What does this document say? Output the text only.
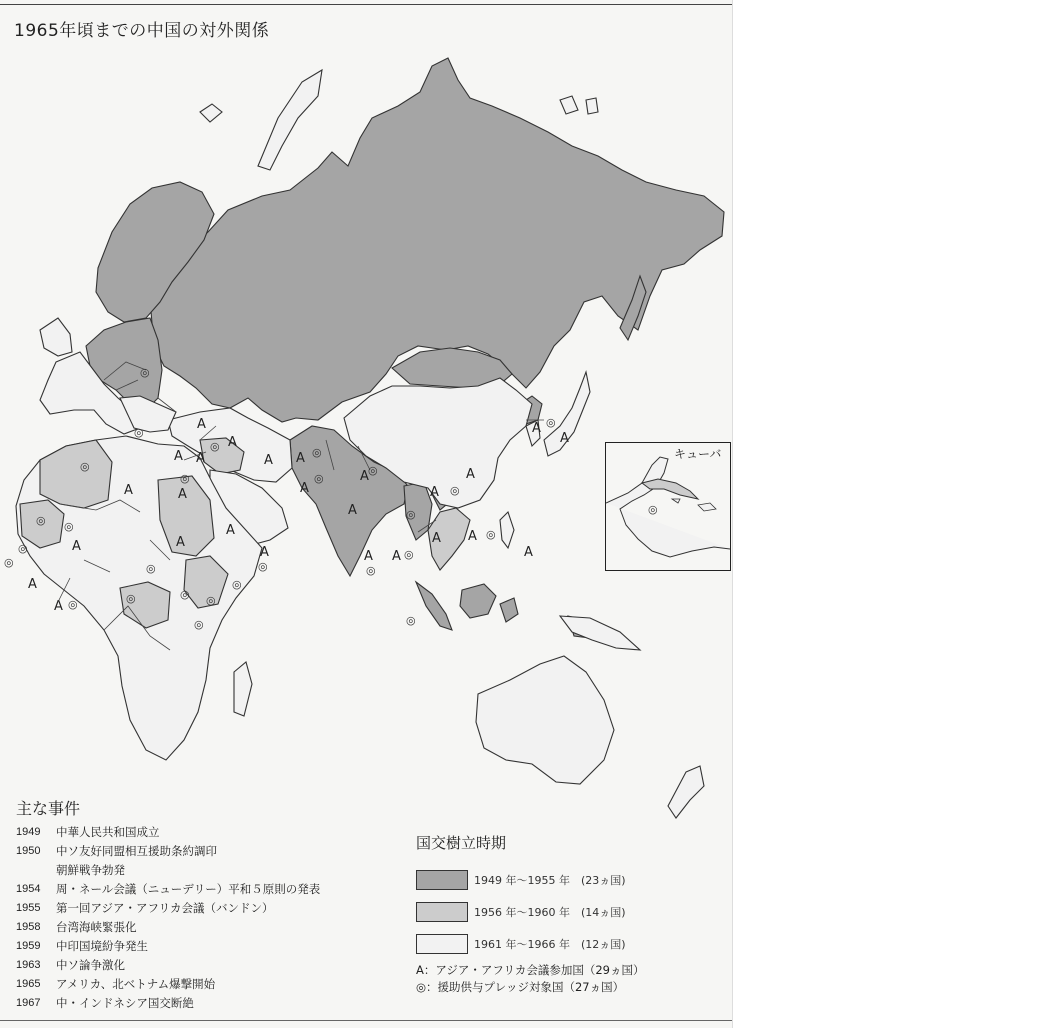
1965年頃までの中国の対外関係
A
A
A
A	A
A	A
A
A
A
A
A
A
A
A A
A
A
A A
A
A
A
A
A
A
◎
◎
◎
◎
◎
◎
◎
◎
◎
◎
◎
◎
◎
◎
◎
◎ ◎
◎
◎
◎
◎
◎	◎ ◎
◎
◎
◎
キューバ
◎
主な事件
1949	中華人民共和国成立
1950	中ソ友好同盟相互援助条約調印
朝鮮戦争勃発
1954	周・ネール会議（ニューデリー）平和５原則の発表
1955	第一回アジア・アフリカ会議（バンドン）
1958	台湾海峡緊張化
1959	中印国境紛争発生
1963	中ソ論争激化
1965	アメリカ、北ベトナム爆撃開始
1967	中・インドネシア国交断絶
国交樹立時期
1949 年～1955 年　(23ヵ国)
1956 年～1960 年　(14ヵ国)
1961 年～1966 年　(12ヵ国)
A：アジア・アフリカ会議参加国（29ヵ国）
◎：援助供与プレッジ対象国（27ヵ国）
